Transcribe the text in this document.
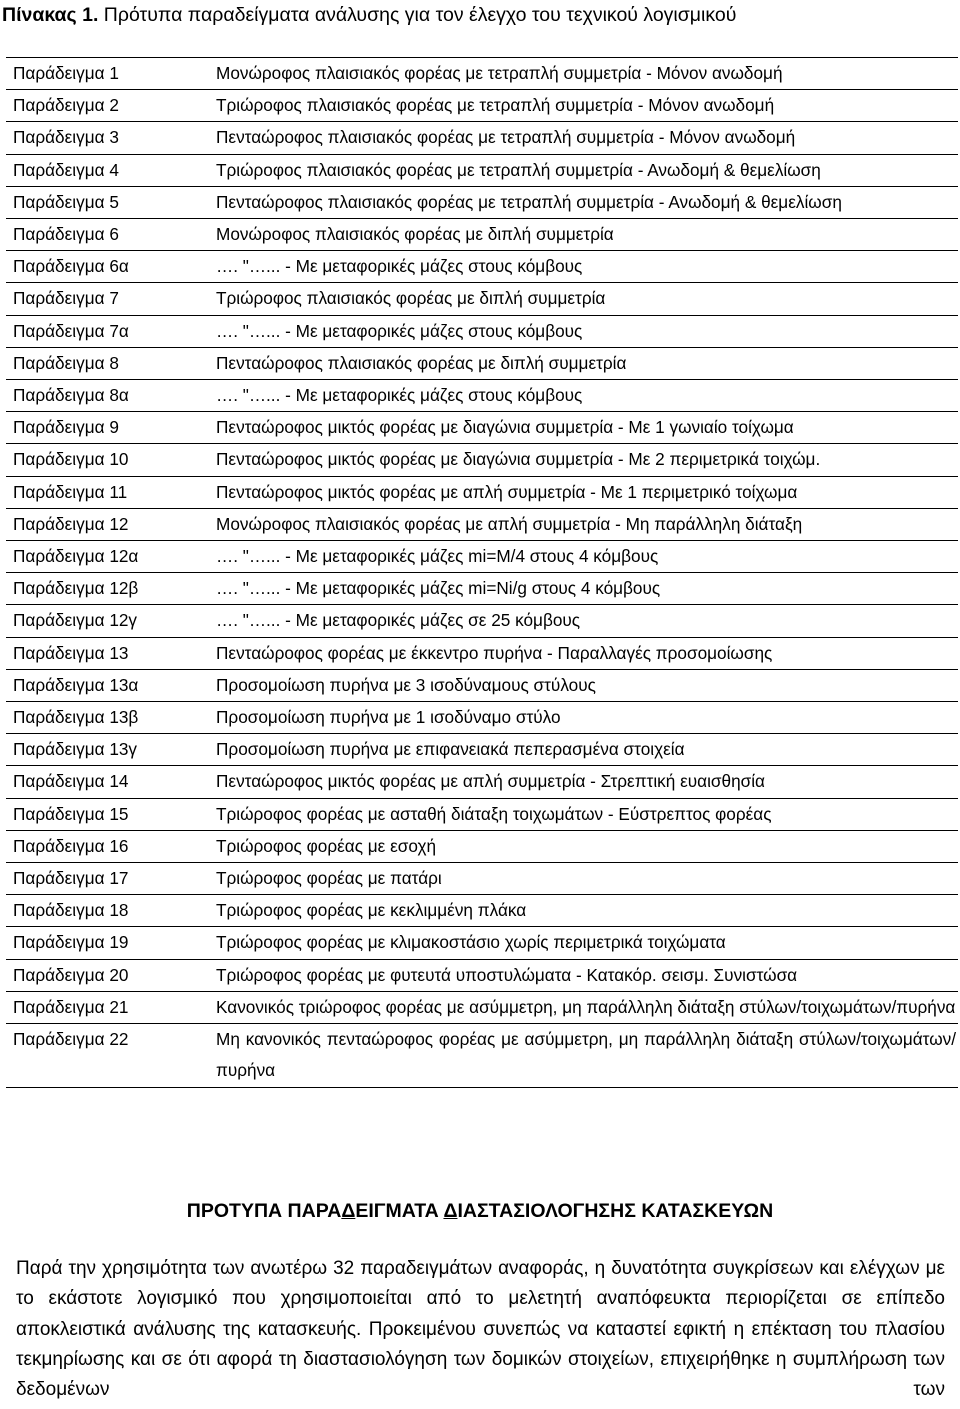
Πίνακας 1. Πρότυπα παραδείγματα ανάλυσης για τον έλεγχο του τεχνικού λογισμικού
Παράδειγμα 1	Μονώροφος πλαισιακός φορέας με τετραπλή συμμετρία - Μόνον ανωδομή
Παράδειγμα 2	Τριώροφος πλαισιακός φορέας με τετραπλή συμμετρία - Μόνον ανωδομή
Παράδειγμα 3	Πενταώροφος πλαισιακός φορέας με τετραπλή συμμετρία - Μόνον ανωδομή
Παράδειγμα 4	Τριώροφος πλαισιακός φορέας με τετραπλή συμμετρία - Ανωδομή & θεμελίωση
Παράδειγμα 5	Πενταώροφος πλαισιακός φορέας με τετραπλή συμμετρία - Ανωδομή & θεμελίωση
Παράδειγμα 6	Μονώροφος πλαισιακός φορέας με διπλή συμμετρία
Παράδειγμα 6α	…. "…... - Με μεταφορικές μάζες στους κόμβους
Παράδειγμα 7	Τριώροφος πλαισιακός φορέας με διπλή συμμετρία
Παράδειγμα 7α	…. "…... - Με μεταφορικές μάζες στους κόμβους
Παράδειγμα 8	Πενταώροφος πλαισιακός φορέας με διπλή συμμετρία
Παράδειγμα 8α	…. "…... - Με μεταφορικές μάζες στους κόμβους
Παράδειγμα 9	Πενταώροφος μικτός φορέας με διαγώνια συμμετρία - Με 1 γωνιαίο τοίχωμα
Παράδειγμα 10	Πενταώροφος μικτός φορέας με διαγώνια συμμετρία - Με 2 περιμετρικά τοιχώμ.
Παράδειγμα 11	Πενταώροφος μικτός φορέας με απλή συμμετρία - Με 1 περιμετρικό τοίχωμα
Παράδειγμα 12	Μονώροφος πλαισιακός φορέας με απλή συμμετρία - Μη παράλληλη διάταξη
Παράδειγμα 12α	…. "…... - Με μεταφορικές μάζες mi=M/4 στους 4 κόμβους
Παράδειγμα 12β	…. "…... - Με μεταφορικές μάζες mi=Ni/g στους 4 κόμβους
Παράδειγμα 12γ	…. "…... - Με μεταφορικές μάζες σε 25 κόμβους
Παράδειγμα 13	Πενταώροφος φορέας με έκκεντρο πυρήνα - Παραλλαγές προσομοίωσης
Παράδειγμα 13α	Προσομοίωση πυρήνα με 3 ισοδύναμους στύλους
Παράδειγμα 13β	Προσομοίωση πυρήνα με 1 ισοδύναμο στύλο
Παράδειγμα 13γ	Προσομοίωση πυρήνα με επιφανειακά πεπερασμένα στοιχεία
Παράδειγμα 14	Πενταώροφος μικτός φορέας με απλή συμμετρία - Στρεπτική ευαισθησία
Παράδειγμα 15	Τριώροφος φορέας με ασταθή διάταξη τοιχωμάτων - Εύστρεπτος φορέας
Παράδειγμα 16	Τριώροφος φορέας με εσοχή
Παράδειγμα 17	Τριώροφος φορέας με πατάρι
Παράδειγμα 18	Τριώροφος φορέας με κεκλιμμένη πλάκα
Παράδειγμα 19	Τριώροφος φορέας με κλιμακοστάσιο χωρίς περιμετρικά τοιχώματα
Παράδειγμα 20	Τριώροφος φορέας με φυτευτά υποστυλώματα - Κατακόρ. σεισμ. Συνιστώσα
Παράδειγμα 21	Κανονικός τριώροφος φορέας με ασύμμετρη, μη παράλληλη διάταξη στύλων/τοιχωμάτων/πυρήνα
Παράδειγμα 22	Μη κανονικός πενταώροφος φορέας με ασύμμετρη, μη παράλληλη διάταξη στύλων/τοιχωμάτων/πυρήνα
ΠΡΟΤΥΠΑ ΠΑΡΑΔΕΙΓΜΑΤΑ ΔΙΑΣΤΑΣΙΟΛΟΓΗΣΗΣ ΚΑΤΑΣΚΕΥΩΝ
Παρά την χρησιμότητα των ανωτέρω 32 παραδειγμάτων αναφοράς, η δυνατότητα συγκρίσεων και ελέγχων με το εκάστοτε λογισμικό που χρησιμοποιείται από το μελετητή αναπόφευκτα περιορίζεται σε επίπεδο αποκλειστικά ανάλυσης της κατασκευής. Προκειμένου συνεπώς να καταστεί εφικτή η επέκταση του πλασίου τεκμηρίωσης και σε ότι αφορά τη διαστασιολόγηση των δομικών στοιχείων, επιχειρήθηκε η συμπλήρωση των δεδομένων των
